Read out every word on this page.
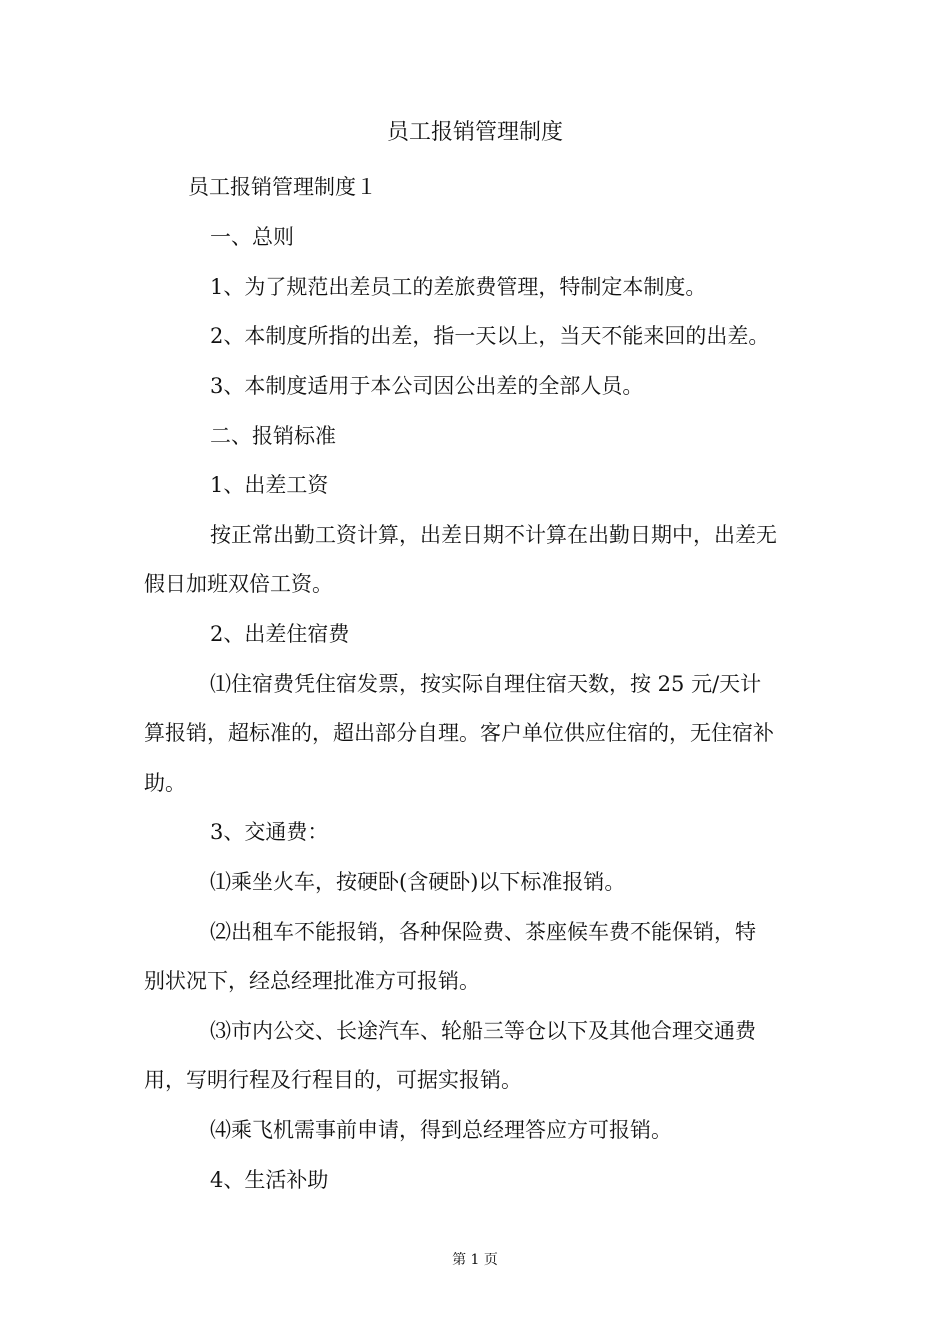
员工报销管理制度
员工报销管理制度１
一、总则
1、为了规范出差员工的差旅费管理，特制定本制度。
2、本制度所指的出差，指一天以上，当天不能来回的出差。
3、本制度适用于本公司因公出差的全部人员。
二、报销标准
1、出差工资
按正常出勤工资计算，出差日期不计算在出勤日期中，出差无
假日加班双倍工资。
2、出差住宿费
⑴住宿费凭住宿发票，按实际自理住宿天数，按 25 元/天计
算报销，超标准的，超出部分自理。客户单位供应住宿的，无住宿补
助。
3、交通费：
⑴乘坐火车，按硬卧(含硬卧)以下标准报销。
⑵出租车不能报销，各种保险费、茶座候车费不能保销，特
别状况下，经总经理批准方可报销。
⑶市内公交、长途汽车、轮船三等仓以下及其他合理交通费
用，写明行程及行程目的，可据实报销。
⑷乘飞机需事前申请，得到总经理答应方可报销。
4、生活补助
第 1 页
